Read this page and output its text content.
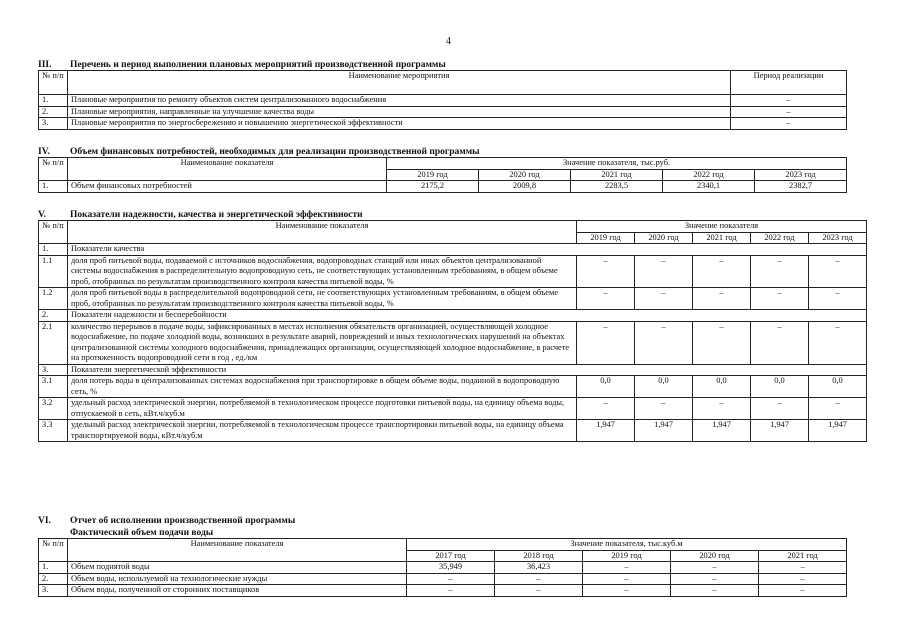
4
III. Перечень и период выполнения плановых мероприятий производственной программы
№ п/п	Наименование мероприятия	Период реализации
1.	Плановые мероприятия по ремонту объектов систем централизованного водоснабжения	–
2.	Плановые мероприятия, направленные на улучшение качества воды	–
3.	Плановые мероприятия по энергосбережению и повышению энергетической эффективности	–
IV. Объем финансовых потребностей, необходимых для реализации производственной программы
№ п/п	Наименование показателя	Значение показателя, тыс.руб.				
		2019 год	2020 год	2021 год	2022 год	2023 год
1.	Объем финансовых потребностей	2175,2	2009,8	2283,5	2340,1	2382,7
V.	Показатели надежности, качества и энергетической эффективности
№ п/п	Наименование показателя	Значение показателя				
		2019 год	2020 год	2021 год	2022 год	2023 год
1.	Показатели качества					
1.1	доля проб питьевой воды, подаваемой с источников водоснабжения, водопроводных станций или иных объектов централизованной системы водоснабжения в распределительную водопроводную сеть, не соответствующих установленным требованиям, в общем объеме проб, отобранных по результатам производственного контроля качества питьевой воды, %	–	–	–	–	–
1.2	доля проб питьевой воды в распределительной водопроводной сети, не соответствующих установленным требованиям, в общем объеме проб, отобранных по результатам производственного контроля качества питьевой воды, %	–	–	–	–	–
2.	Показатели надежности и бесперебойности					
2.1	количество перерывов в подаче воды, зафиксированных в местах исполнения обязательств организацией, осуществляющей холодное водоснабжение, по подаче холодной воды, возникших в результате аварий, повреждений и иных технологических нарушений на объектах централизованной системы холодного водоснабжения, принадлежащих организации, осуществляющей холодное водоснабжение, в расчете на протяженность водопроводной сети в год , ед./км	–	–	–	–	–
3.	Показатели энергетической эффективности					
3.1	доля потерь воды в централизованных системах водоснабжения при транспортировке в общем объеме воды, поданной в водопроводную сеть, %	0,0	0,0	0,0	0,0	0,0
3.2	удельный расход электрической энергии, потребляемой в технологическом процессе подготовки питьевой воды, на единицу объема воды, отпускаемой в сеть, кВт.ч/куб.м	–	–	–	–	–
3.3	удельный расход электрической энергии, потребляемой в технологическом процессе транспортировки питьевой воды, на единицу объема транспортируемой воды, кВт.ч/куб.м	1,947	1,947	1,947	1,947	1,947
VI. Отчет об исполнении производственной программы
Фактический объем подачи воды
№ п/п	Наименование показателя	Значение показателя, тыс.куб.м				
		2017 год	2018 год	2019 год	2020 год	2021 год
1.	Объем поднятой воды	35,949	36,423	–	–	–
2.	Объем воды, используемой на технологические нужды	–	–	–	–	–
3.	Объем воды, полученной от сторонних поставщиков	–	–	–	–	–
